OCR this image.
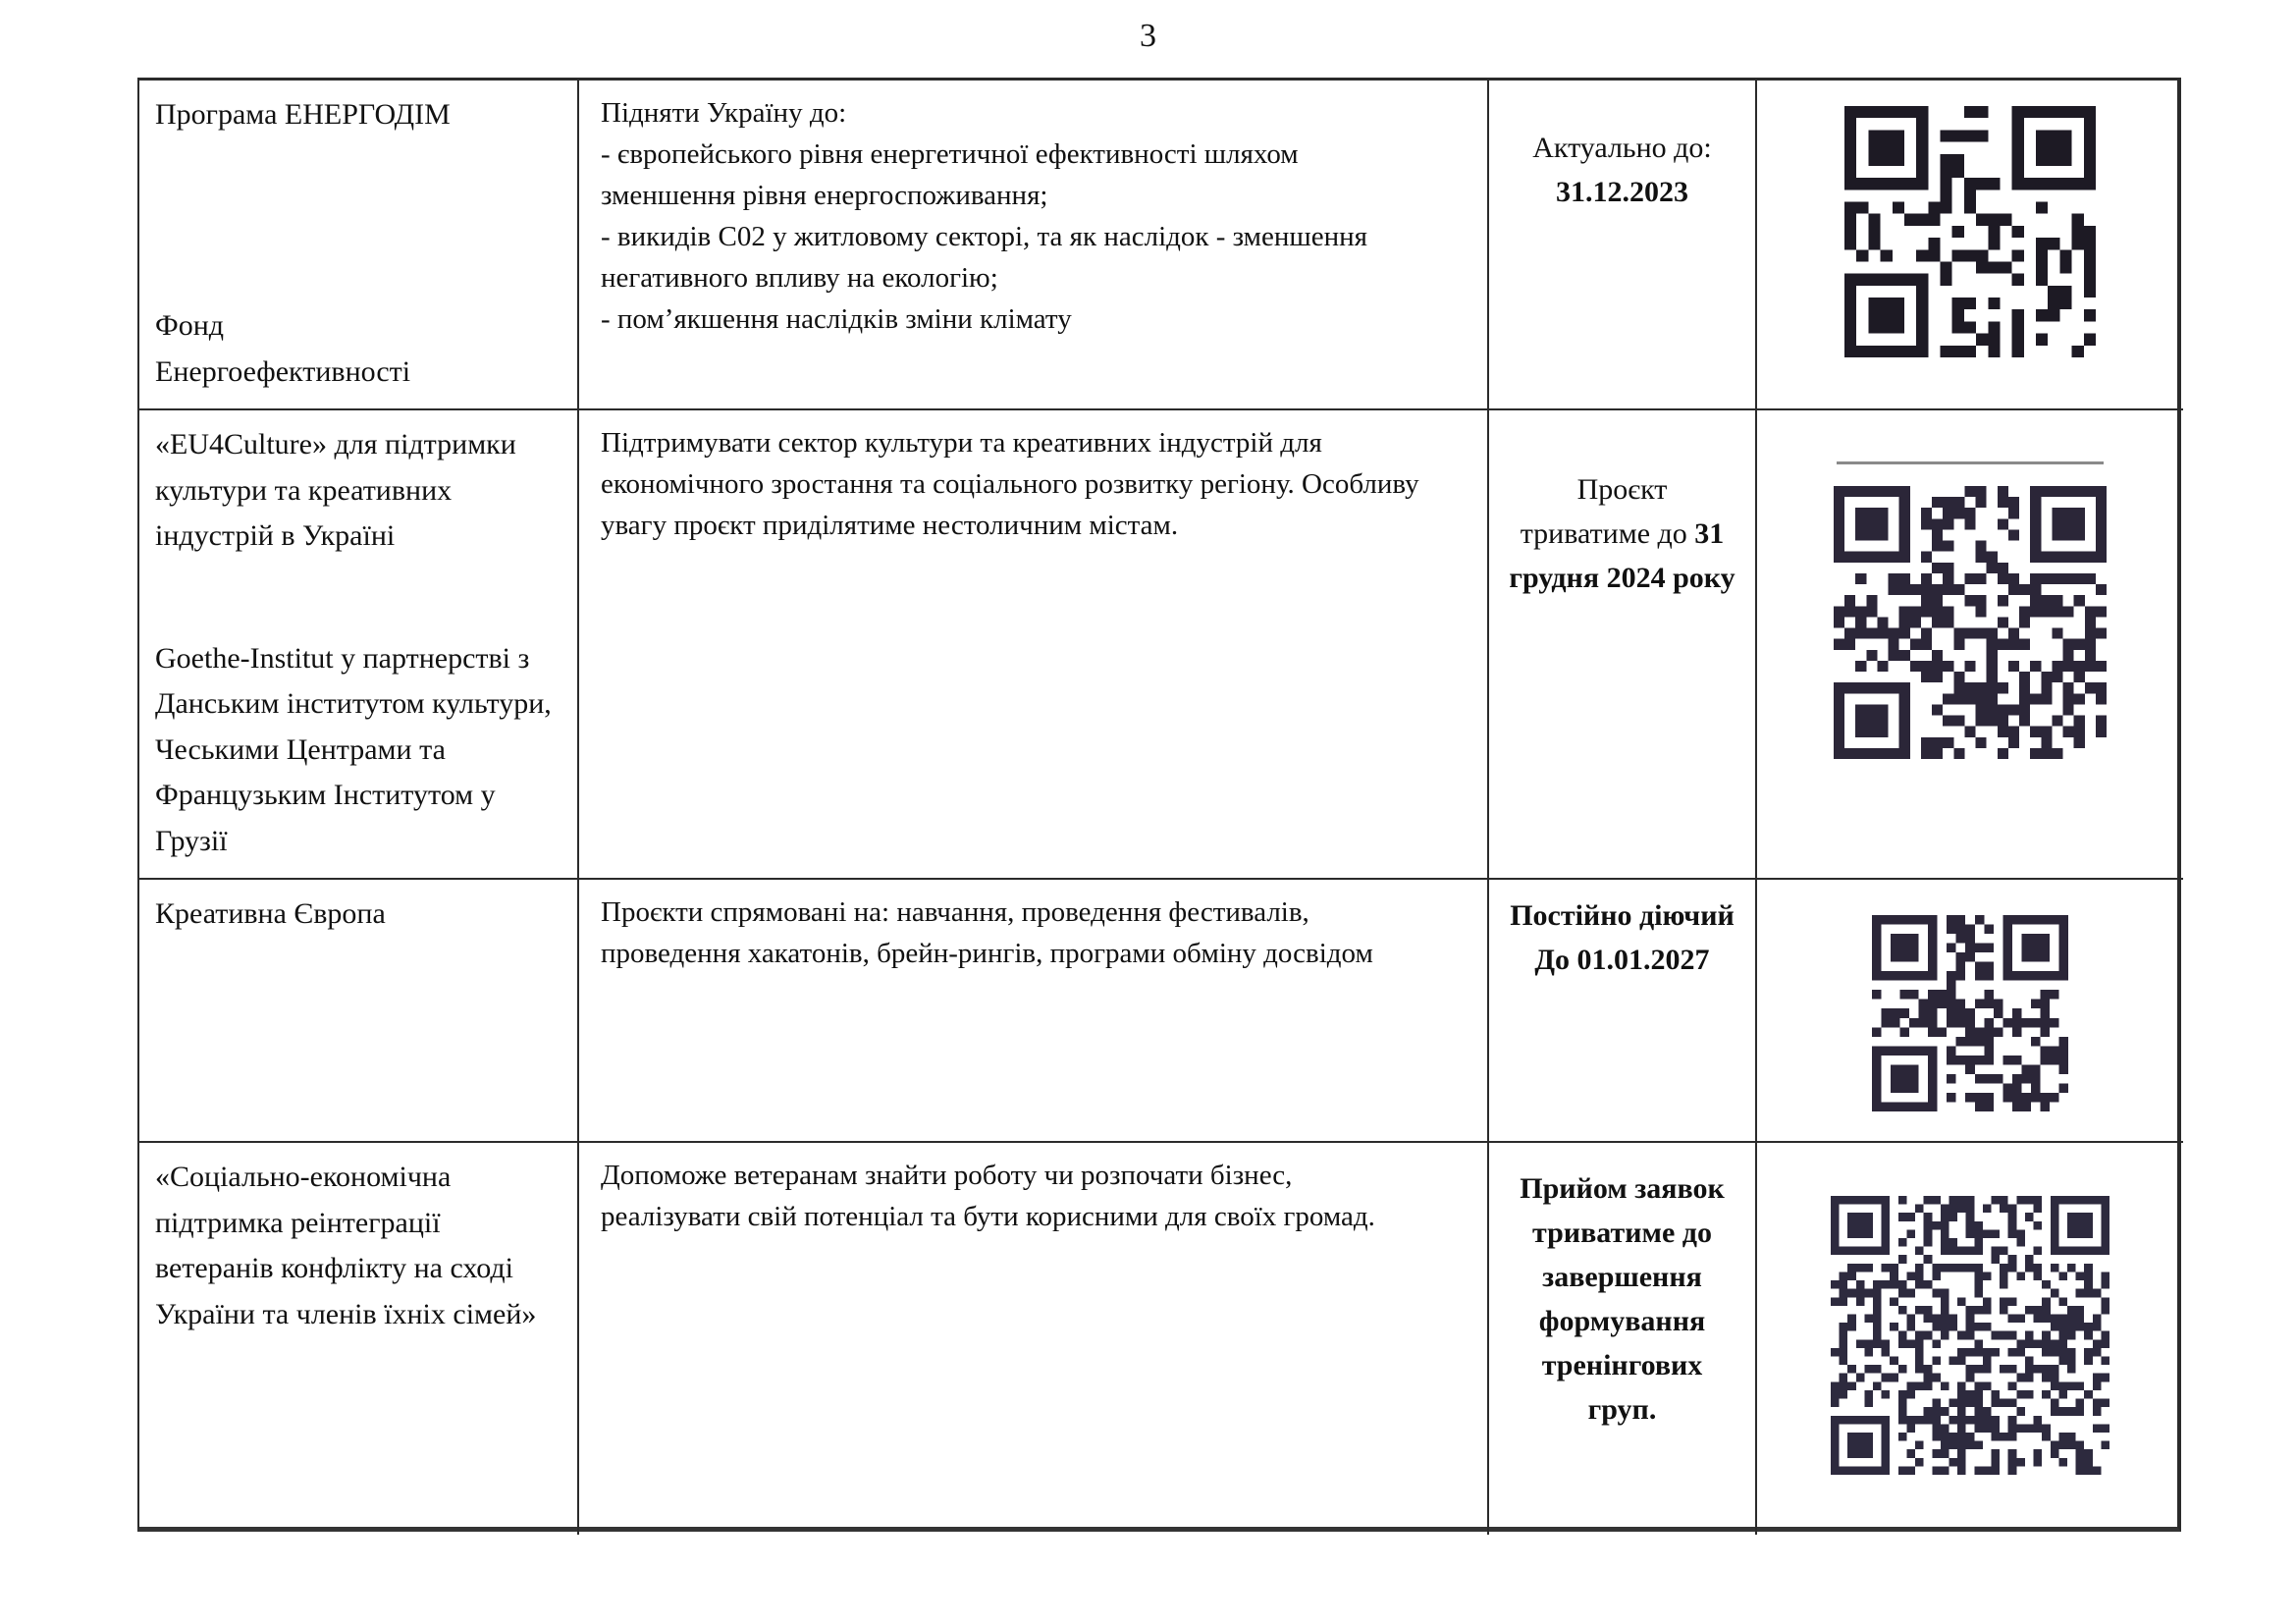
3
Програма ЕНЕРГОДІМ
Фонд
Енергоефективності
Підняти Україну до:
- європейського рівня енергетичної ефективності шляхом зменшення рівня енергоспоживання;
- викидів С02 у житловому секторі, та як наслідок - зменшення негативного впливу на екологію;
- пом’якшення наслідків зміни клімату
Актуально до:
31.12.2023
«EU4Culture» для підтримки культури та креативних індустрій в Україні
Goethe-Institut у партнерстві з Данським інститутом культури, Чеськими Центрами та Французьким Інститутом у Грузії
Підтримувати сектор культури та креативних індустрій для економічного зростання та соціального розвитку регіону. Особливу увагу проєкт приділятиме нестоличним містам.
Проєкт триватиме до 31 грудня 2024 року
Креативна Європа	Проєкти спрямовані на: навчання, проведення фестивалів, проведення хакатонів, брейн-рингів, програми обміну досвідом
Постійно діючий
До 01.01.2027
«Соціально-економічна підтримка реінтеграції ветеранів конфлікту на сході України та членів їхніх сімей»
Допоможе ветеранам знайти роботу чи розпочати бізнес, реалізувати свій потенціал та бути корисними для своїх громад.
Прийом заявок триватиме до завершення формування тренінгових груп.
